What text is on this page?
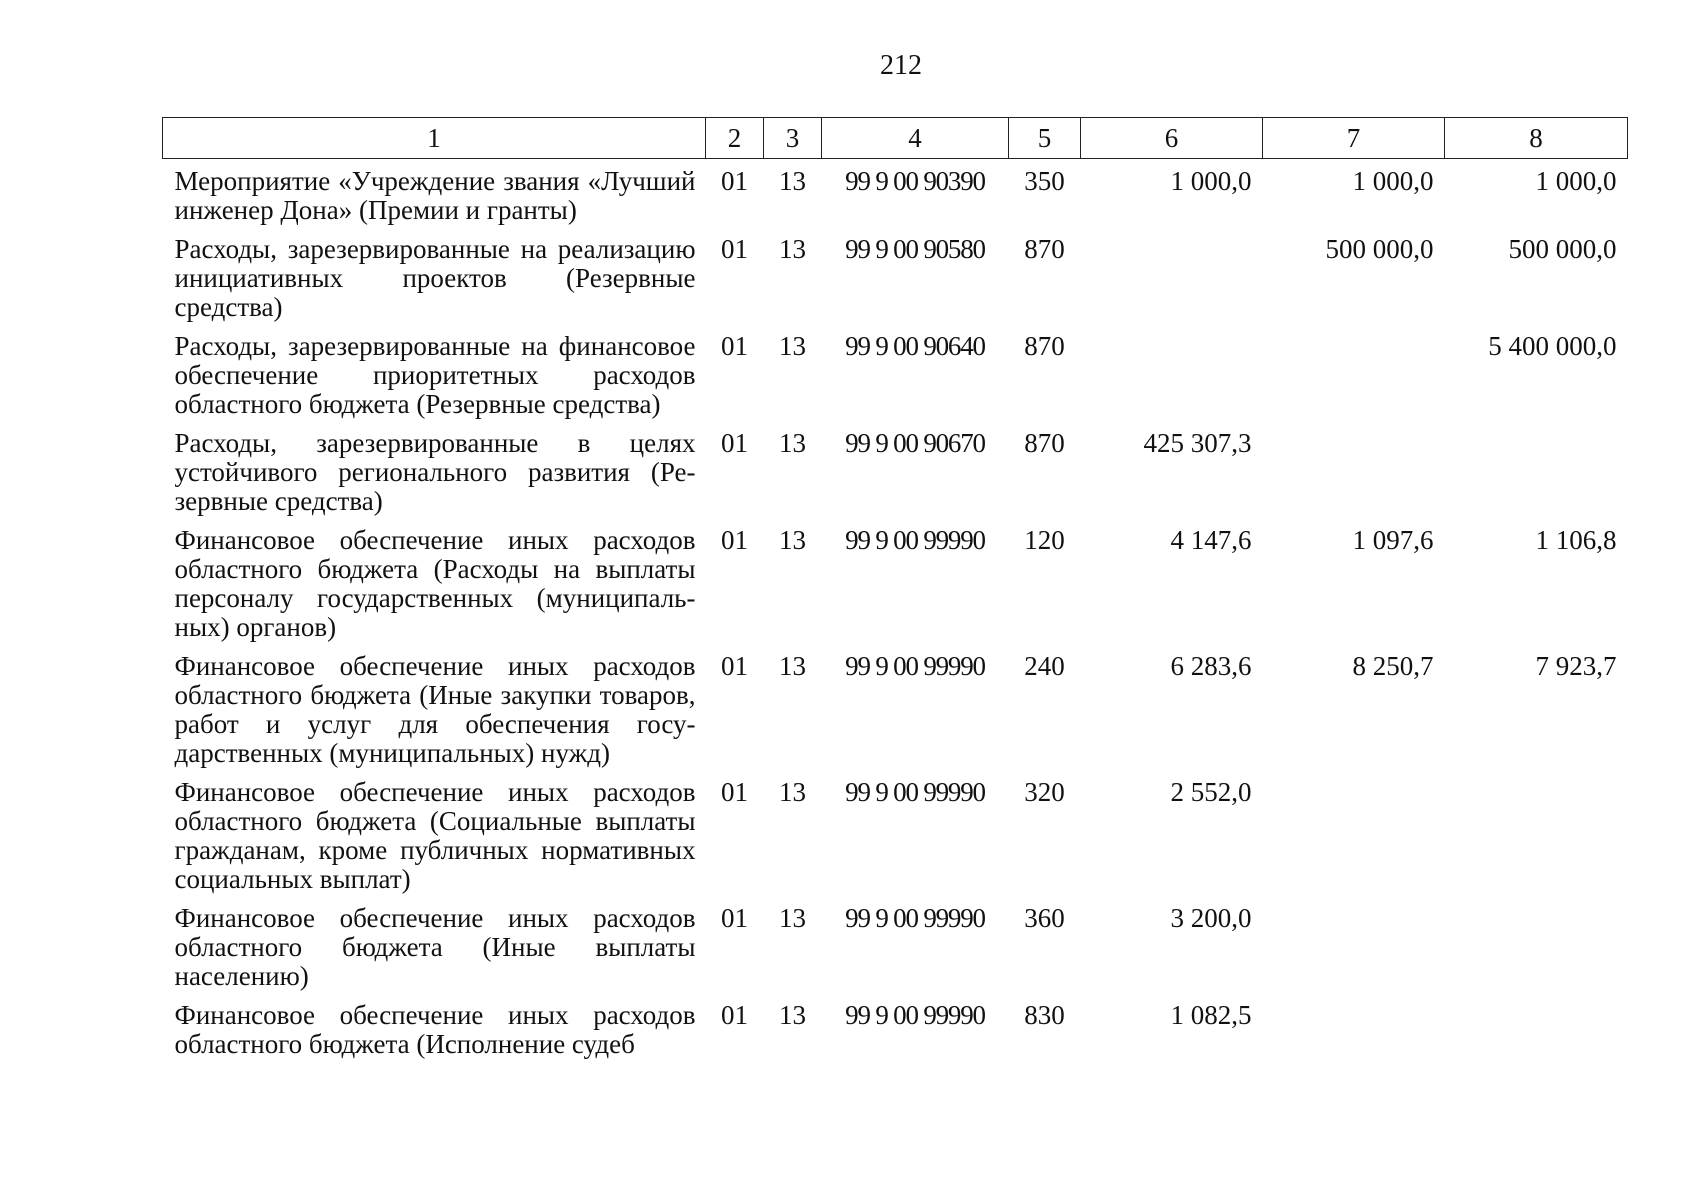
212
1	2	3	4	5	6	7	8
Мероприятие «Учреждение звания «Лучший инженер Дона» (Премии и гранты)	01	13	99 9 00 90390	350	1 000,0	1 000,0	1 000,0
Расходы, зарезервированные на реализацию инициативных проектов (Резервные средства)	01	13	99 9 00 90580	870		500 000,0	500 000,0
Расходы, зарезервированные на финансовое обеспечение приоритетных расходов областного бюджета (Резервные средства)	01	13	99 9 00 90640	870			5 400 000,0
Расходы, зарезервированные в целях устойчивого регионального развития (Резервные средства)	01	13	99 9 00 90670	870	425 307,3		
Финансовое обеспечение иных расходов областного бюджета (Расходы на выплаты персоналу государственных (муниципальных) органов)	01	13	99 9 00 99990	120	4 147,6	1 097,6	1 106,8
Финансовое обеспечение иных расходов областного бюджета (Иные закупки товаров, работ и услуг для обеспечения государственных (муниципальных) нужд)	01	13	99 9 00 99990	240	6 283,6	8 250,7	7 923,7
Финансовое обеспечение иных расходов областного бюджета (Социальные выплаты гражданам, кроме публичных нормативных социальных выплат)	01	13	99 9 00 99990	320	2 552,0		
Финансовое обеспечение иных расходов областного бюджета (Иные выплаты населению)	01	13	99 9 00 99990	360	3 200,0		
Финансовое обеспечение иных расходов областного бюджета (Исполнение судеб	01	13	99 9 00 99990	830	1 082,5		
